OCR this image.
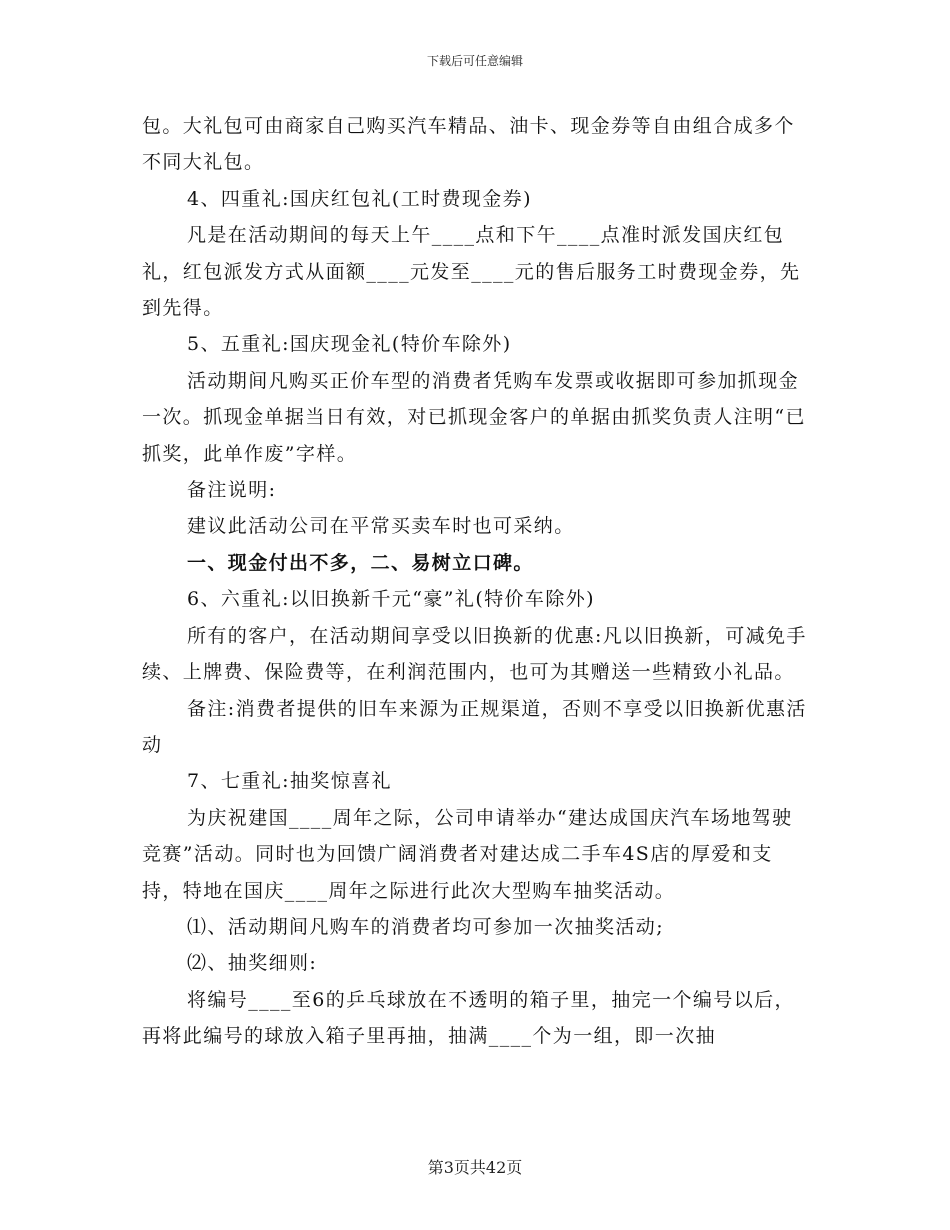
下载后可任意编辑

包。大礼包可由商家自己购买汽车精品、油卡、现金券等自由组合成多个不同大礼包。

4、四重礼:国庆红包礼(工时费现金券)

凡是在活动期间的每天上午____点和下午____点准时派发国庆红包礼，红包派发方式从面额____元发至____元的售后服务工时费现金券，先到先得。

5、五重礼:国庆现金礼(特价车除外)

活动期间凡购买正价车型的消费者凭购车发票或收据即可参加抓现金一次。抓现金单据当日有效，对已抓现金客户的单据由抓奖负责人注明“已抓奖，此单作废”字样。

备注说明:

建议此活动公司在平常买卖车时也可采纳。

一、现金付出不多，二、易树立口碑。

6、六重礼:以旧换新千元“豪”礼(特价车除外)

所有的客户，在活动期间享受以旧换新的优惠:凡以旧换新，可减免手续、上牌费、保险费等，在利润范围内，也可为其赠送一些精致小礼品。

备注:消费者提供的旧车来源为正规渠道，否则不享受以旧换新优惠活动

7、七重礼:抽奖惊喜礼

为庆祝建国____周年之际，公司申请举办“建达成国庆汽车场地驾驶竞赛”活动。同时也为回馈广阔消费者对建达成二手车4S店的厚爱和支持，特地在国庆____周年之际进行此次大型购车抽奖活动。

⑴、活动期间凡购车的消费者均可参加一次抽奖活动;

⑵、抽奖细则:

将编号____至6的乒乓球放在不透明的箱子里，抽完一个编号以后，再将此编号的球放入箱子里再抽，抽满____个为一组，即一次抽

第3页共42页
